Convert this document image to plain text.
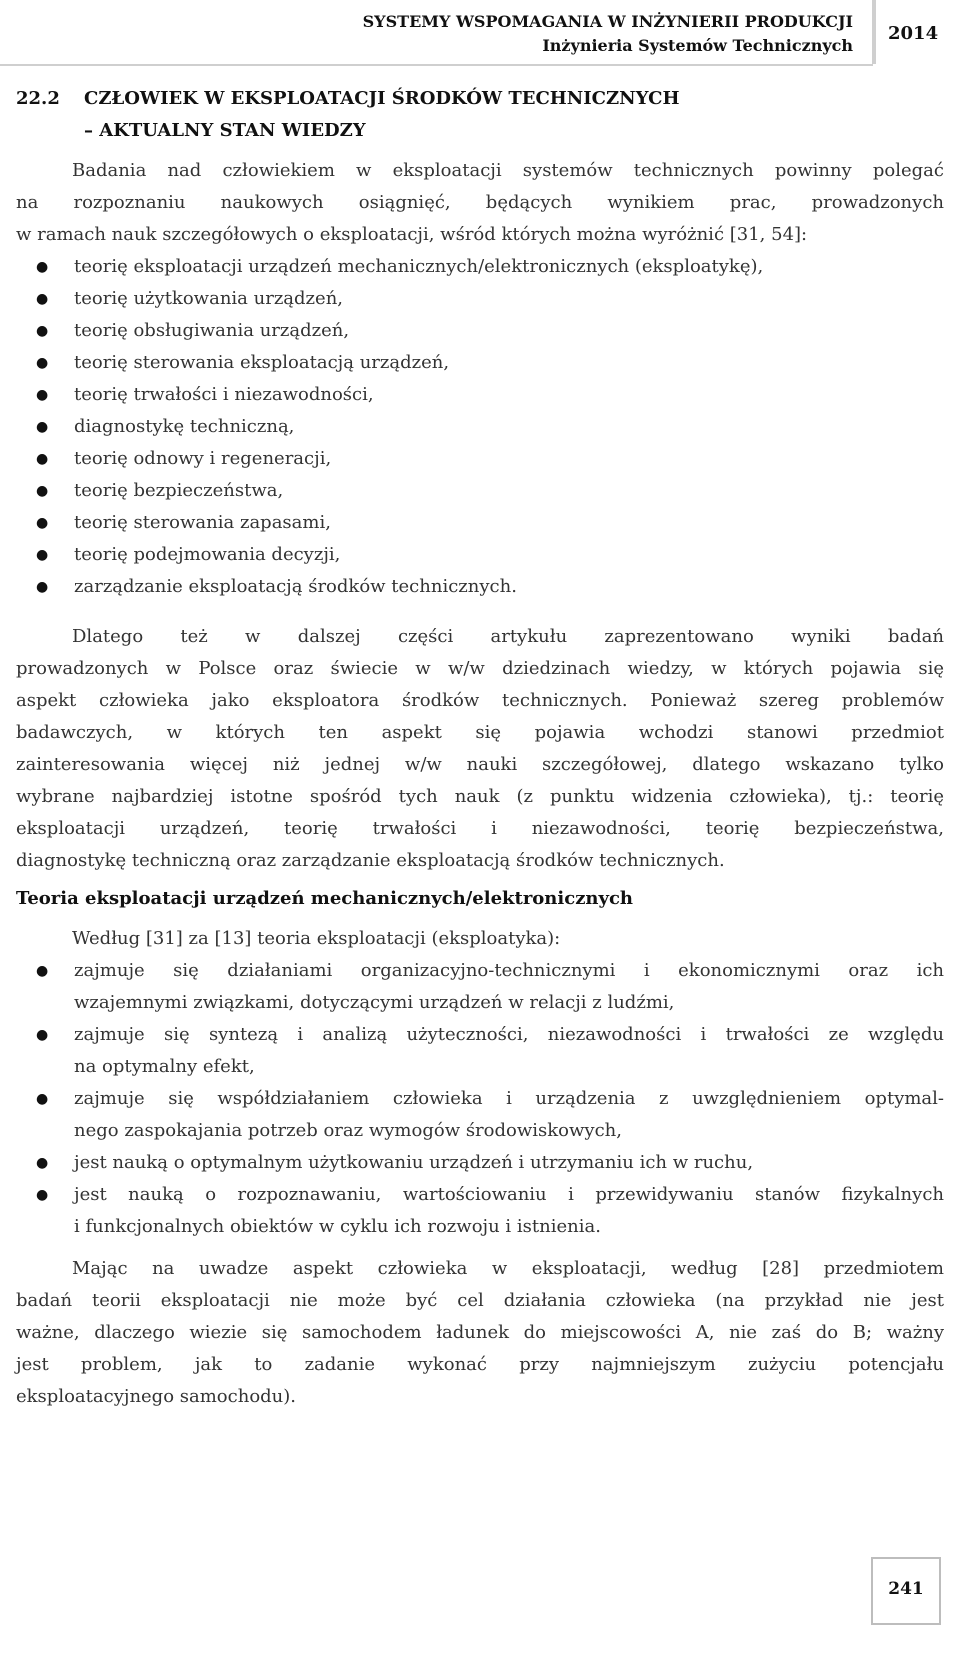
SYSTEMY WSPOMAGANIA W INŻYNIERII PRODUKCJI
Inżynieria Systemów Technicznych
2014
22.2 CZŁOWIEK W EKSPLOATACJI ŚRODKÓW TECHNICZNYCH
– AKTUALNY STAN WIEDZY
Badania nad człowiekiem w eksploatacji systemów technicznych powinny polegać
na rozpoznaniu naukowych osiągnięć, będących wynikiem prac, prowadzonych
w ramach nauk szczegółowych o eksploatacji, wśród których można wyróżnić [31, 54]:
● teorię eksploatacji urządzeń mechanicznych/elektronicznych (eksploatykę),
● teorię użytkowania urządzeń,
● teorię obsługiwania urządzeń,
● teorię sterowania eksploatacją urządzeń,
● teorię trwałości i niezawodności,
● diagnostykę techniczną,
● teorię odnowy i regeneracji,
● teorię bezpieczeństwa,
● teorię sterowania zapasami,
● teorię podejmowania decyzji,
● zarządzanie eksploatacją środków technicznych.
Dlatego też w dalszej części artykułu zaprezentowano wyniki badań
prowadzonych w Polsce oraz świecie w w/w dziedzinach wiedzy, w których pojawia się
aspekt człowieka jako eksploatora środków technicznych. Ponieważ szereg problemów
badawczych, w których ten aspekt się pojawia wchodzi stanowi przedmiot
zainteresowania więcej niż jednej w/w nauki szczegółowej, dlatego wskazano tylko
wybrane najbardziej istotne spośród tych nauk (z punktu widzenia człowieka), tj.: teorię
eksploatacji urządzeń, teorię trwałości i niezawodności, teorię bezpieczeństwa,
diagnostykę techniczną oraz zarządzanie eksploatacją środków technicznych.
Teoria eksploatacji urządzeń mechanicznych/elektronicznych
Według [31] za [13] teoria eksploatacji (eksploatyka):
● zajmuje się działaniami organizacyjno-technicznymi i ekonomicznymi oraz ich
wzajemnymi związkami, dotyczącymi urządzeń w relacji z ludźmi,
● zajmuje się syntezą i analizą użyteczności, niezawodności i trwałości ze względu
na optymalny efekt,
● zajmuje się współdziałaniem człowieka i urządzenia z uwzględnieniem optymal-
nego zaspokajania potrzeb oraz wymogów środowiskowych,
● jest nauką o optymalnym użytkowaniu urządzeń i utrzymaniu ich w ruchu,
● jest nauką o rozpoznawaniu, wartościowaniu i przewidywaniu stanów fizykalnych
i funkcjonalnych obiektów w cyklu ich rozwoju i istnienia.
Mając na uwadze aspekt człowieka w eksploatacji, według [28] przedmiotem
badań teorii eksploatacji nie może być cel działania człowieka (na przykład nie jest
ważne, dlaczego wiezie się samochodem ładunek do miejscowości A, nie zaś do B; ważny
jest problem, jak to zadanie wykonać przy najmniejszym zużyciu potencjału
eksploatacyjnego samochodu).
241
